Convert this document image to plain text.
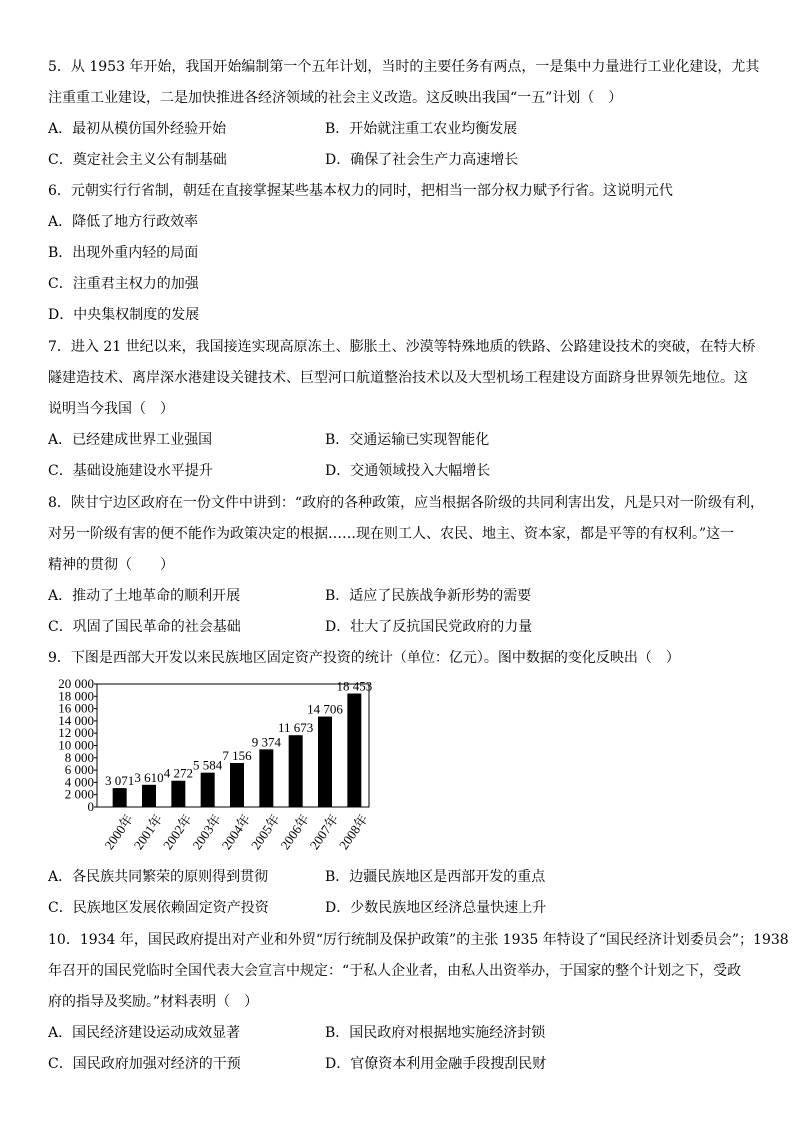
5．从 1953 年开始，我国开始编制第一个五年计划，当时的主要任务有两点，一是集中力量进行工业化建设，尤其
注重重工业建设，二是加快推进各经济领域的社会主义改造。这反映出我国“一五”计划（　）
A．最初从模仿国外经验开始	B．开始就注重工农业均衡发展
C．奠定社会主义公有制基础	D．确保了社会生产力高速增长
6．元朝实行行省制，朝廷在直接掌握某些基本权力的同时，把相当一部分权力赋予行省。这说明元代
A．降低了地方行政效率
B．出现外重内轻的局面
C．注重君主权力的加强
D．中央集权制度的发展
7．进入 21 世纪以来，我国接连实现高原冻土、膨胀土、沙漠等特殊地质的铁路、公路建设技术的突破，在特大桥
隧建造技术、离岸深水港建设关键技术、巨型河口航道整治技术以及大型机场工程建设方面跻身世界领先地位。这
说明当今我国（　）
A．已经建成世界工业强国	B．交通运输已实现智能化
C．基础设施建设水平提升	D．交通领域投入大幅增长
8．陕甘宁边区政府在一份文件中讲到：“政府的各种政策，应当根据各阶级的共同利害出发，凡是只对一阶级有利，
对另一阶级有害的便不能作为政策决定的根据……现在则工人、农民、地主、资本家，都是平等的有权利。”这一
精神的贯彻（　　）
A．推动了土地革命的顺利开展	B．适应了民族战争新形势的需要
C．巩固了国民革命的社会基础	D．壮大了反抗国民党政府的力量
9．下图是西部大开发以来民族地区固定资产投资的统计（单位：亿元）。图中数据的变化反映出（　）
0
2 000
4 000
6 000
8 000
10 000
12 000
14 000
16 000
18 000
20 000
3 071 3 610 4 272
5 584
7 156
9 374
11 673
14 706
18 453
2000年
2001年
2002年
2003年
2004年
2005年
2006年
2007年
2008年
A．各民族共同繁荣的原则得到贯彻	B．边疆民族地区是西部开发的重点
C．民族地区发展依赖固定资产投资	D．少数民族地区经济总量快速上升
10．1934 年，国民政府提出对产业和外贸“厉行统制及保护政策”的主张 1935 年特设了“国民经济计划委员会”；1938
年召开的国民党临时全国代表大会宣言中规定：“于私人企业者，由私人出资举办，于国家的整个计划之下，受政
府的指导及奖励。”材料表明（　）
A．国民经济建设运动成效显著	B．国民政府对根据地实施经济封锁
C．国民政府加强对经济的干预	D．官僚资本利用金融手段搜刮民财
